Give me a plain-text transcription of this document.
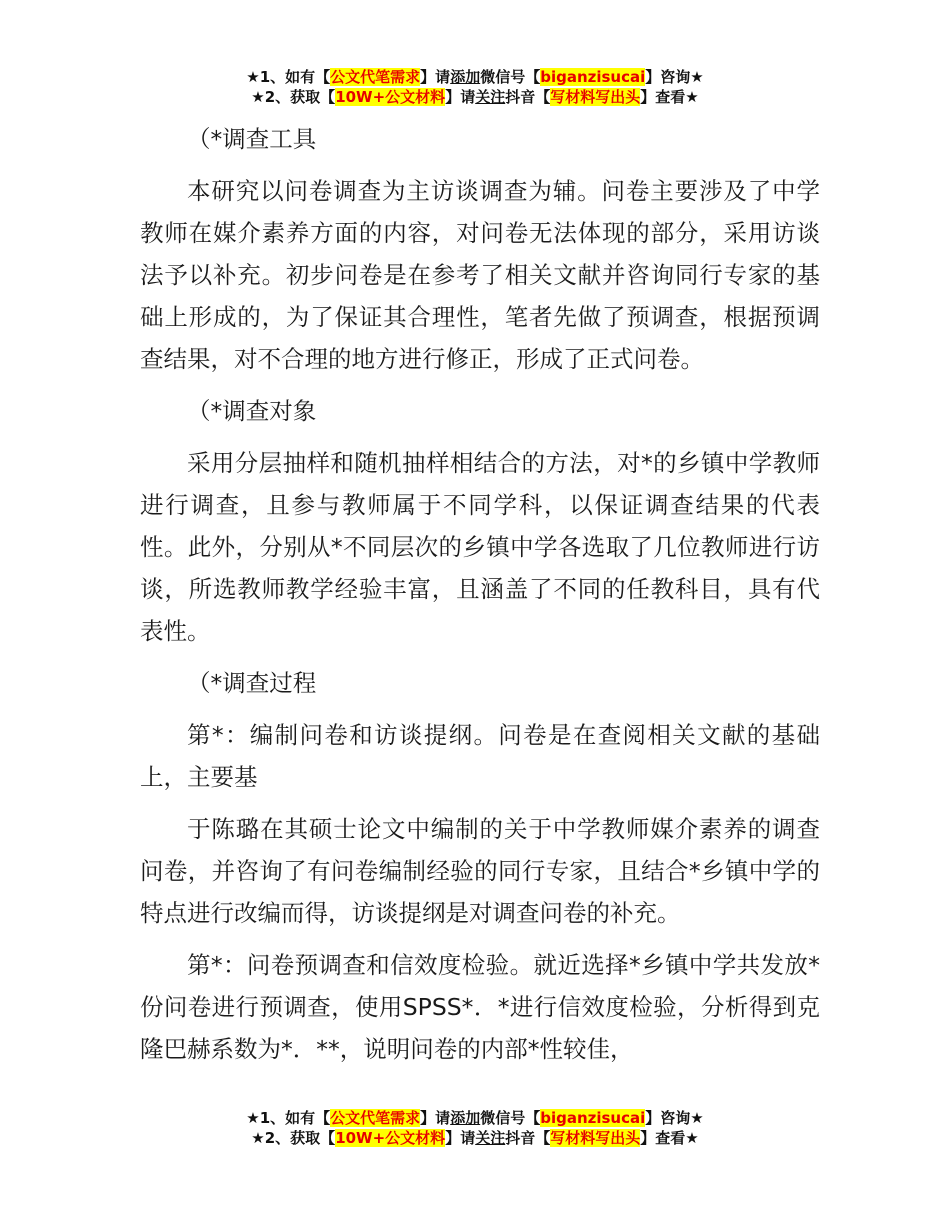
★1、如有【公文代笔需求】请添加微信号【biganzisucai】咨询★
★2、获取【10W+公文材料】请关注抖音【写材料写出头】查看★

（*调查工具

本研究以问卷调查为主访谈调查为辅。问卷主要涉及了中学教师在媒介素养方面的内容，对问卷无法体现的部分，采用访谈法予以补充。初步问卷是在参考了相关文献并咨询同行专家的基础上形成的，为了保证其合理性，笔者先做了预调查，根据预调查结果，对不合理的地方进行修正，形成了正式问卷。

（*调查对象

采用分层抽样和随机抽样相结合的方法，对*的乡镇中学教师进行调查，且参与教师属于不同学科，以保证调查结果的代表性。此外，分别从*不同层次的乡镇中学各选取了几位教师进行访谈，所选教师教学经验丰富，且涵盖了不同的任教科目，具有代表性。

（*调查过程

第*：编制问卷和访谈提纲。问卷是在查阅相关文献的基础上，主要基

于陈璐在其硕士论文中编制的关于中学教师媒介素养的调查问卷，并咨询了有问卷编制经验的同行专家，且结合*乡镇中学的特点进行改编而得，访谈提纲是对调查问卷的补充。

第*：问卷预调查和信效度检验。就近选择*乡镇中学共发放*份问卷进行预调查，使用SPSS*．*进行信效度检验，分析得到克隆巴赫系数为*．**，说明问卷的内部*性较佳，

★1、如有【公文代笔需求】请添加微信号【biganzisucai】咨询★
★2、获取【10W+公文材料】请关注抖音【写材料写出头】查看★
